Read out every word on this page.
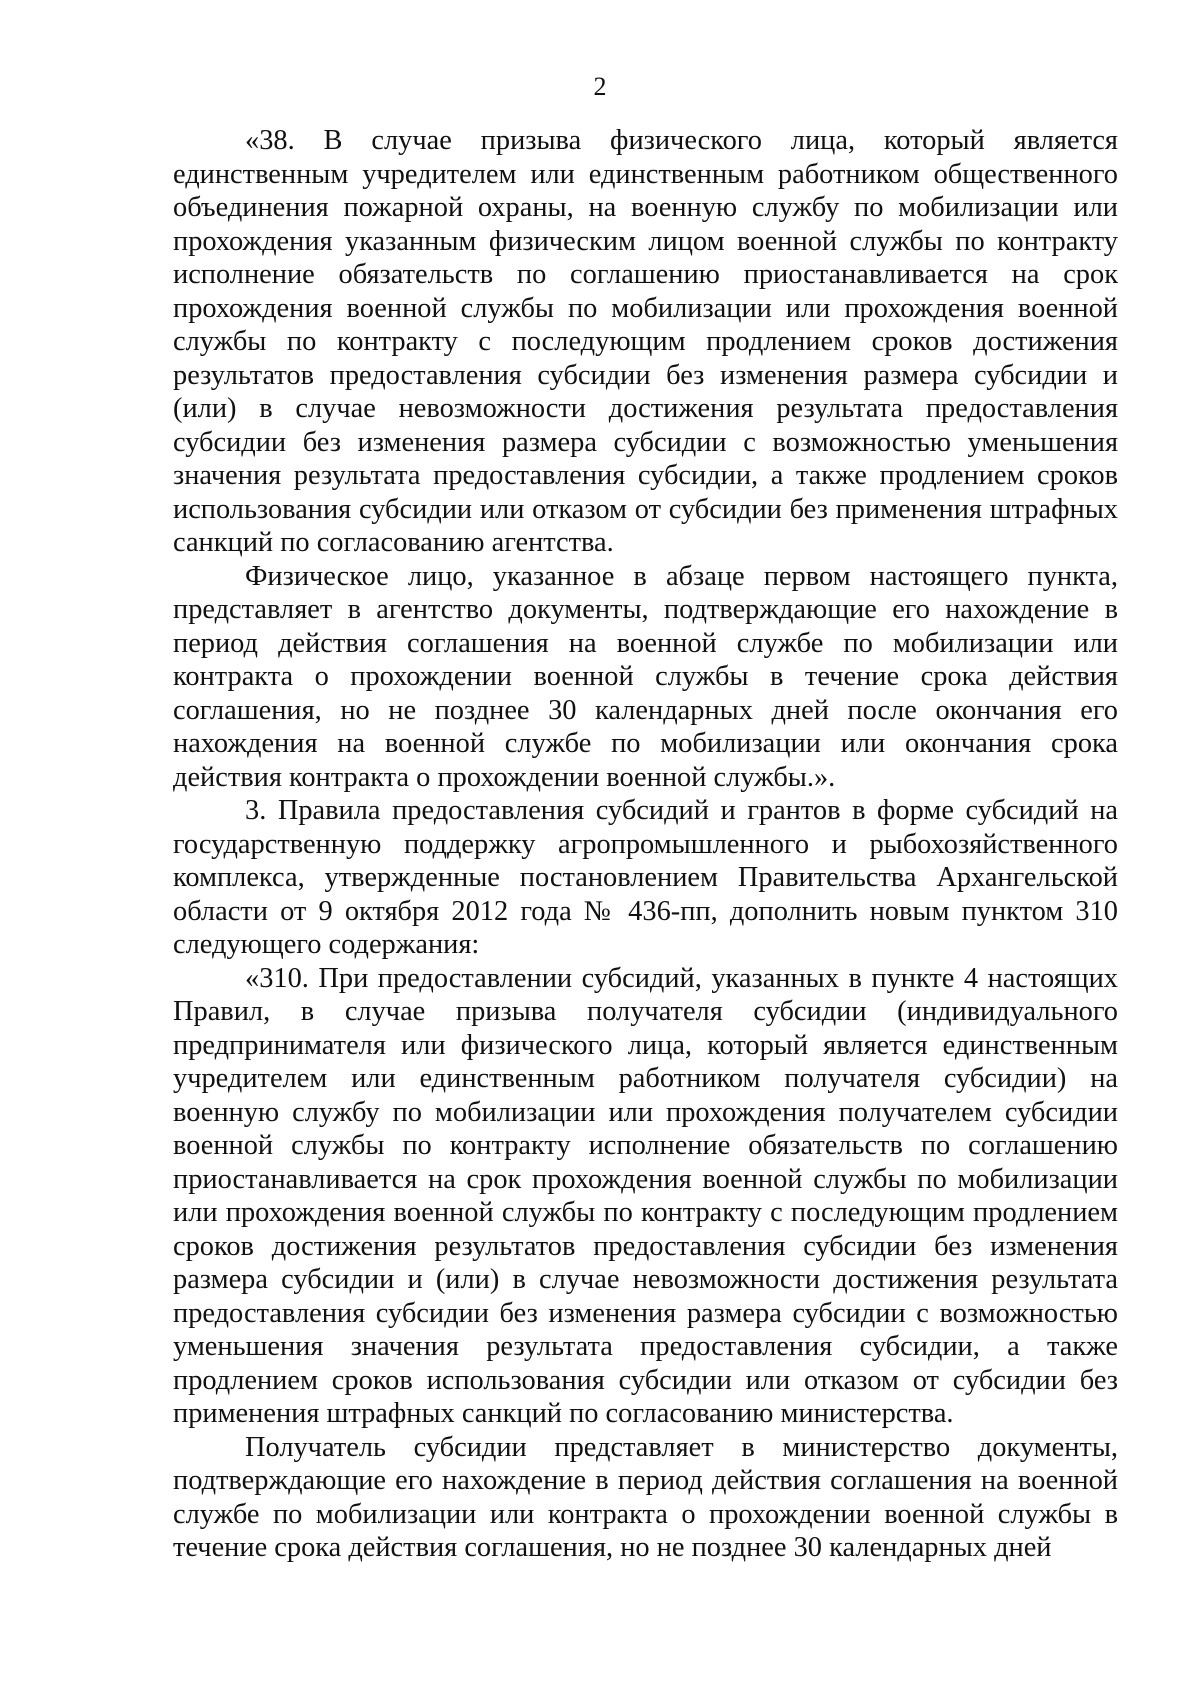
2

«38. В случае призыва физического лица, который является единственным учредителем или единственным работником общественного объединения пожарной охраны, на военную службу по мобилизации или прохождения указанным физическим лицом военной службы по контракту исполнение обязательств по соглашению приостанавливается на срок прохождения военной службы по мобилизации или прохождения военной службы по контракту с последующим продлением сроков достижения результатов предоставления субсидии без изменения размера субсидии и (или) в случае невозможности достижения результата предоставления субсидии без изменения размера субсидии с возможностью уменьшения значения результата предоставления субсидии, а также продлением сроков использования субсидии или отказом от субсидии без применения штрафных санкций по согласованию агентства.

Физическое лицо, указанное в абзаце первом настоящего пункта, представляет в агентство документы, подтверждающие его нахождение в период действия соглашения на военной службе по мобилизации или контракта о прохождении военной службы в течение срока действия соглашения, но не позднее 30 календарных дней после окончания его нахождения на военной службе по мобилизации или окончания срока действия контракта о прохождении военной службы.».

3. Правила предоставления субсидий и грантов в форме субсидий на государственную поддержку агропромышленного и рыбохозяйственного комплекса, утвержденные постановлением Правительства Архангельской области от 9 октября 2012 года № 436-пп, дополнить новым пунктом 310 следующего содержания:

«310. При предоставлении субсидий, указанных в пункте 4 настоящих Правил, в случае призыва получателя субсидии (индивидуального предпринимателя или физического лица, который является единственным учредителем или единственным работником получателя субсидии) на военную службу по мобилизации или прохождения получателем субсидии военной службы по контракту исполнение обязательств по соглашению приостанавливается на срок прохождения военной службы по мобилизации или прохождения военной службы по контракту с последующим продлением сроков достижения результатов предоставления субсидии без изменения размера субсидии и (или) в случае невозможности достижения результата предоставления субсидии без изменения размера субсидии с возможностью уменьшения значения результата предоставления субсидии, а также продлением сроков использования субсидии или отказом от субсидии без применения штрафных санкций по согласованию министерства.

Получатель субсидии представляет в министерство документы, подтверждающие его нахождение в период действия соглашения на военной службе по мобилизации или контракта о прохождении военной службы в течение срока действия соглашения, но не позднее 30 календарных дней
